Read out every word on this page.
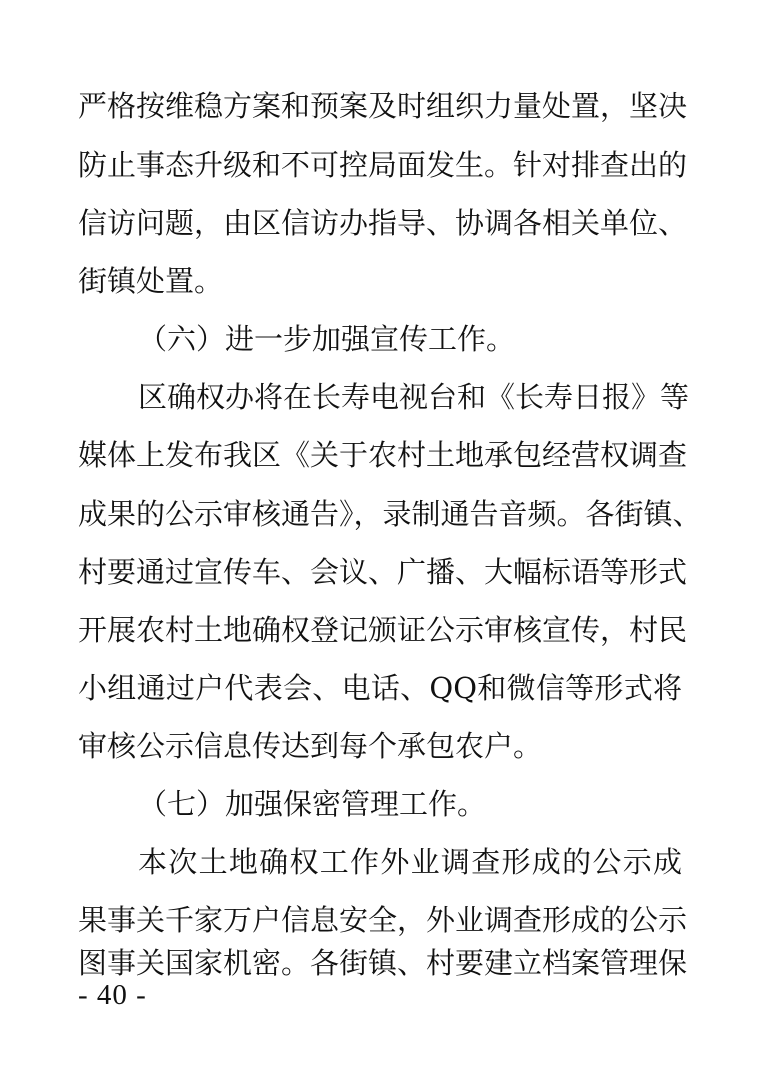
严格按维稳方案和预案及时组织力量处置，坚决
防止事态升级和不可控局面发生。针对排查出的
信访问题，由区信访办指导、协调各相关单位、
街镇处置。
（六）进一步加强宣传工作。
区确权办将在长寿电视台和《长寿日报》等
媒体上发布我区《关于农村土地承包经营权调查
成果的公示审核通告》，录制通告音频。各街镇、
村要通过宣传车、会议、广播、大幅标语等形式
开展农村土地确权登记颁证公示审核宣传，村民
小组通过户代表会、电话、QQ和微信等形式将
审核公示信息传达到每个承包农户。
（七）加强保密管理工作。
本次土地确权工作外业调查形成的公示成
果事关千家万户信息安全，外业调查形成的公示
图事关国家机密。各街镇、村要建立档案管理保
- 40 -
